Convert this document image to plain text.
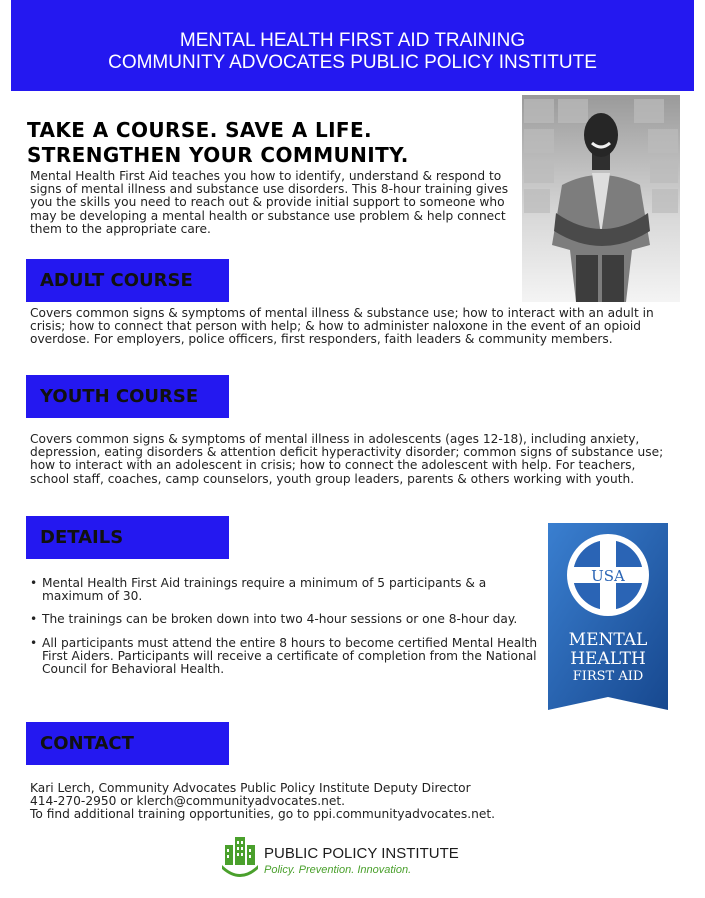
MENTAL HEALTH FIRST AID TRAINING
COMMUNITY ADVOCATES PUBLIC POLICY INSTITUTE
TAKE A COURSE. SAVE A LIFE.
STRENGTHEN YOUR COMMUNITY.
Mental Health First Aid teaches you how to identify, understand & respond to signs of mental illness and substance use disorders. This 8-hour training gives you the skills you need to reach out & provide initial support to someone who may be developing a mental health or substance use problem & help connect them to the appropriate care.
ADULT COURSE
Covers common signs & symptoms of mental illness & substance use; how to interact with an adult in crisis; how to connect that person with help; & how to administer naloxone in the event of an opioid overdose. For employers, police officers, first responders, faith leaders & community members.
YOUTH COURSE
Covers common signs & symptoms of mental illness in adolescents (ages 12-18), including anxiety, depression, eating disorders & attention deficit hyperactivity disorder; common signs of substance use; how to interact with an adolescent in crisis; how to connect the adolescent with help. For teachers, school staff, coaches, camp counselors, youth group leaders, parents & others working with youth.
DETAILS
• Mental Health First Aid trainings require a minimum of 5 participants & a maximum of 30.
• The trainings can be broken down into two 4-hour sessions or one 8-hour day.
• All participants must attend the entire 8 hours to become certified Mental Health First Aiders. Participants will receive a certificate of completion from the National Council for Behavioral Health.
USA
MENTAL
HEALTH
FIRST AID
CONTACT
Kari Lerch, Community Advocates Public Policy Institute Deputy Director
414-270-2950 or klerch@communityadvocates.net.
To find additional training opportunities, go to ppi.communityadvocates.net.
PUBLIC POLICY INSTITUTE
Policy. Prevention. Innovation.
